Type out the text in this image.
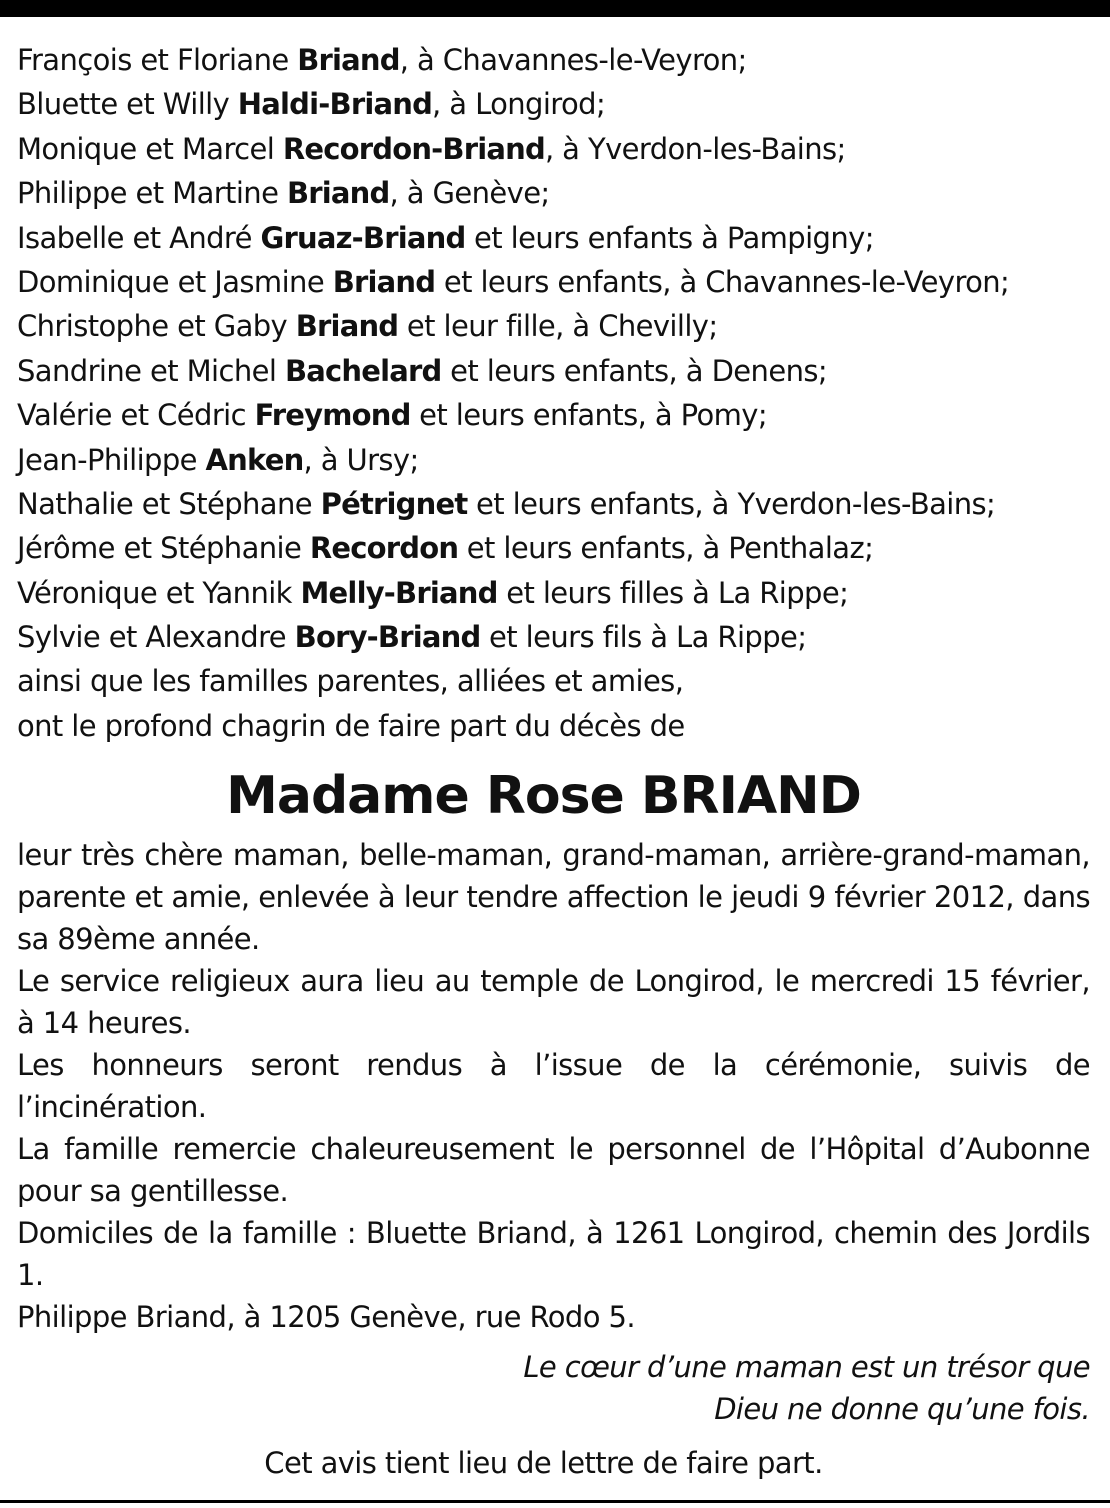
François et Floriane Briand, à Chavannes-le-Veyron;
Bluette et Willy Haldi-Briand, à Longirod;
Monique et Marcel Recordon-Briand, à Yverdon-les-Bains;
Philippe et Martine Briand, à Genève;
Isabelle et André Gruaz-Briand et leurs enfants à Pampigny;
Dominique et Jasmine Briand et leurs enfants, à Chavannes-le-Veyron;
Christophe et Gaby Briand et leur fille, à Chevilly;
Sandrine et Michel Bachelard et leurs enfants, à Denens;
Valérie et Cédric Freymond et leurs enfants, à Pomy;
Jean-Philippe Anken, à Ursy;
Nathalie et Stéphane Pétrignet et leurs enfants, à Yverdon-les-Bains;
Jérôme et Stéphanie Recordon et leurs enfants, à Penthalaz;
Véronique et Yannik Melly-Briand et leurs filles à La Rippe;
Sylvie et Alexandre Bory-Briand et leurs fils à La Rippe;
ainsi que les familles parentes, alliées et amies,
ont le profond chagrin de faire part du décès de
Madame Rose BRIAND

leur très chère maman, belle-maman, grand-maman, arrière-grand-maman, parente et amie, enlevée à leur tendre affection le jeudi 9 février 2012, dans sa 89ème année.

Le service religieux aura lieu au temple de Longirod, le mercredi 15 février, à 14 heures.

Les honneurs seront rendus à l’issue de la cérémonie, suivis de l’incinération.

La famille remercie chaleureusement le personnel de l’Hôpital d’Aubonne pour sa gentillesse.

Domiciles de la famille : Bluette Briand, à 1261 Longirod, chemin des Jordils 1.

Philippe Briand, à 1205 Genève, rue Rodo 5.

Le cœur d’une maman est un trésor que
Dieu ne donne qu’une fois.
Cet avis tient lieu de lettre de faire part.
